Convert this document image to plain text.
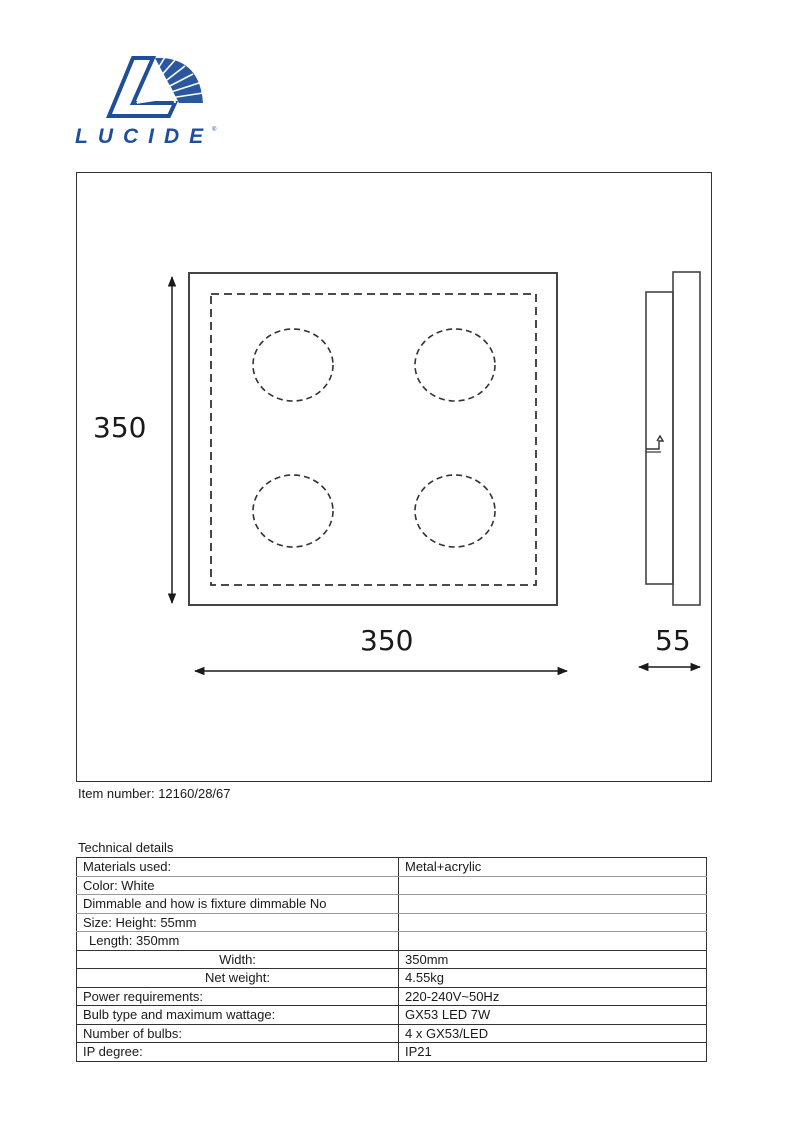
LUCIDE
®
350
350	55
Item number: 12160/28/67
Technical details
Materials used:	Metal+acrylic
Color: White	
Dimmable and how is fixture dimmable No	
Size: Height: 55mm	
Length: 350mm	
Width:	350mm
Net weight:	4.55kg
Power requirements:	220-240V~50Hz
Bulb type and maximum wattage:	GX53 LED 7W
Number of bulbs:	4 x GX53/LED
IP degree:	IP21
